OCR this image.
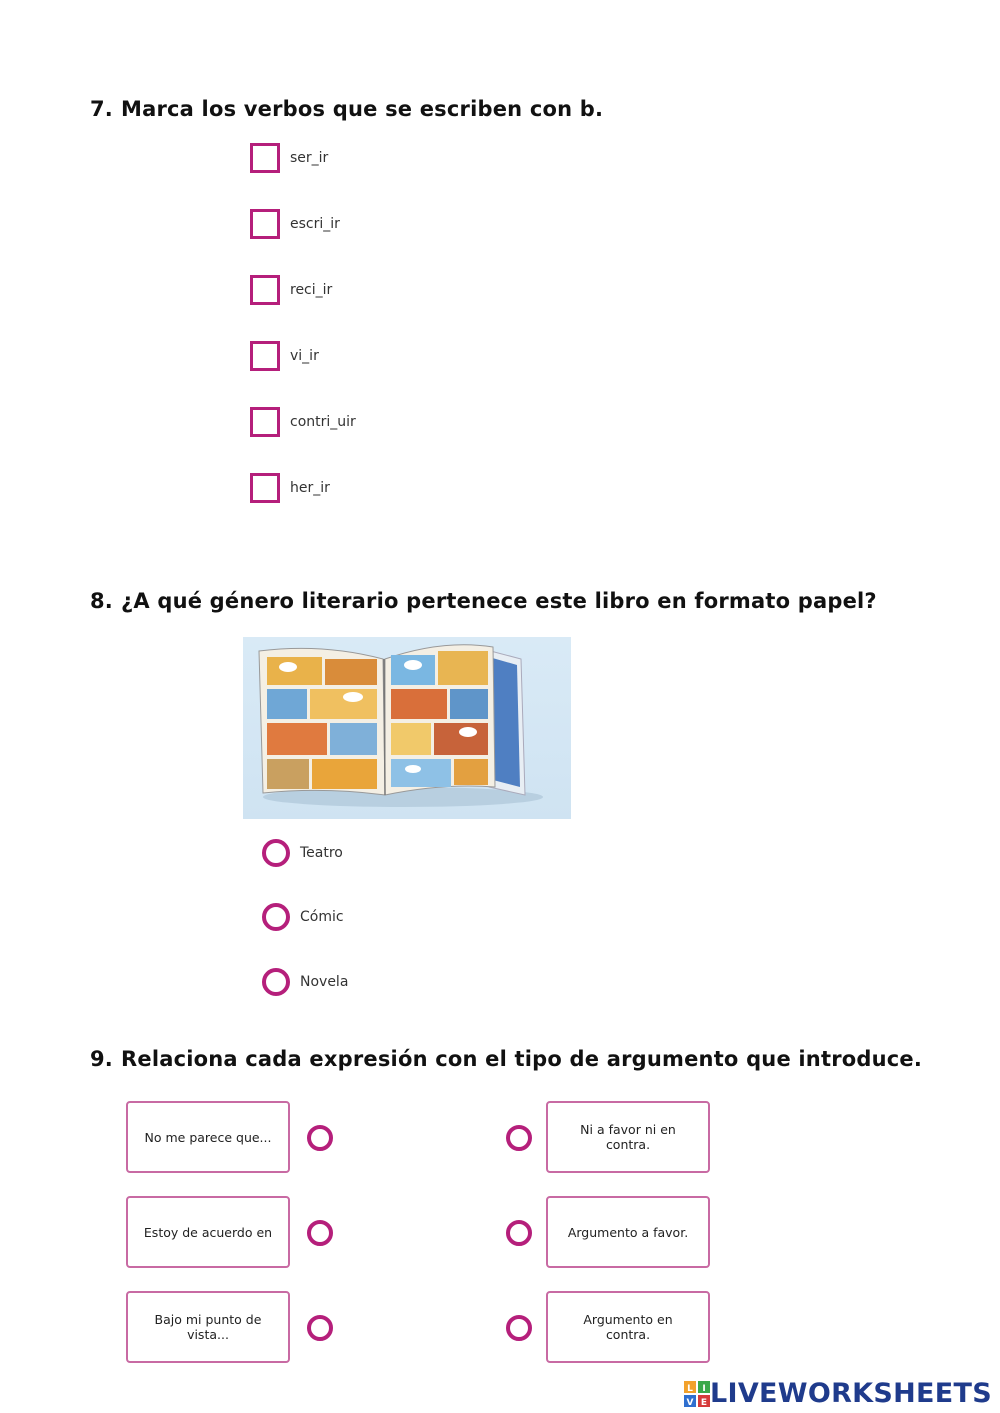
7. Marca los verbos que se escriben con b.
ser_ir
escri_ir
reci_ir
vi_ir
contri_uir
her_ir
8. ¿A qué género literario pertenece este libro en formato papel?
Teatro
Cómic
Novela
9. Relaciona cada expresión con el tipo de argumento que introduce.
No me parece que...
Estoy de acuerdo en
Bajo mi punto de vista...
Ni a favor ni en contra.
Argumento a favor.
Argumento en contra.
L I
V E LIVEWORKSHEETS
